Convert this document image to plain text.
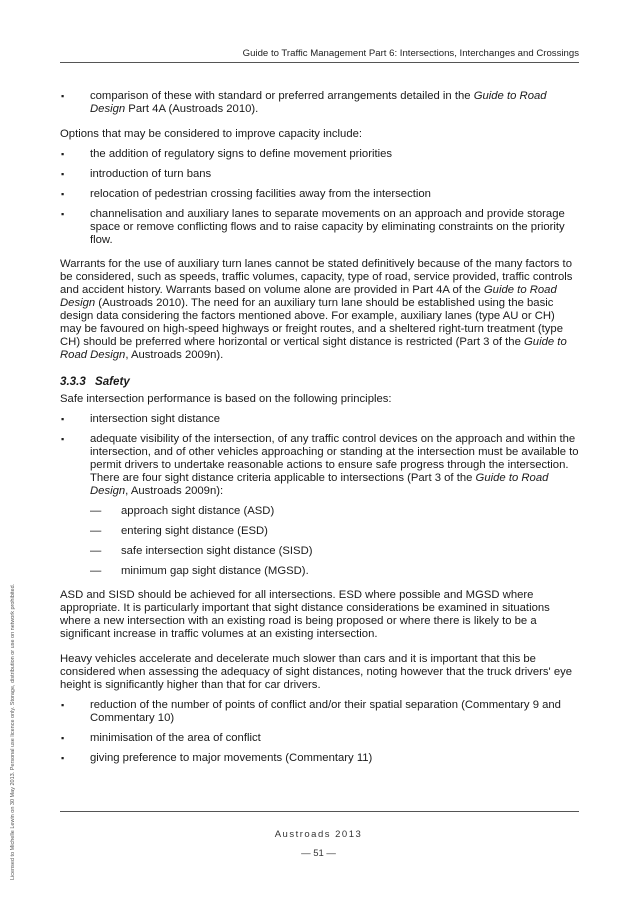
Guide to Traffic Management Part 6: Intersections, Interchanges and Crossings
▪ comparison of these with standard or preferred arrangements detailed in the Guide to Road Design Part 4A (Austroads 2010).

Options that may be considered to improve capacity include:

▪ the addition of regulatory signs to define movement priorities
▪ introduction of turn bans
▪ relocation of pedestrian crossing facilities away from the intersection
▪ channelisation and auxiliary lanes to separate movements on an approach and provide storage space or remove conflicting flows and to raise capacity by eliminating constraints on the priority flow.

Warrants for the use of auxiliary turn lanes cannot be stated definitively because of the many factors to be considered, such as speeds, traffic volumes, capacity, type of road, service provided, traffic controls and accident history. Warrants based on volume alone are provided in Part 4A of the Guide to Road Design (Austroads 2010). The need for an auxiliary turn lane should be established using the basic design data considering the factors mentioned above. For example, auxiliary lanes (type AU or CH) may be favoured on high-speed highways or freight routes, and a sheltered right-turn treatment (type CH) should be preferred where horizontal or vertical sight distance is restricted (Part 3 of the Guide to Road Design, Austroads 2009n).

3.3.3 Safety

Safe intersection performance is based on the following principles:

▪ intersection sight distance
▪ adequate visibility of the intersection, of any traffic control devices on the approach and within the intersection, and of other vehicles approaching or standing at the intersection must be available to permit drivers to undertake reasonable actions to ensure safe progress through the intersection. There are four sight distance criteria applicable to intersections (Part 3 of the Guide to Road Design, Austroads 2009n):
— approach sight distance (ASD)
— entering sight distance (ESD)
— safe intersection sight distance (SISD)
— minimum gap sight distance (MGSD).

ASD and SISD should be achieved for all intersections. ESD where possible and MGSD where appropriate. It is particularly important that sight distance considerations be examined in situations where a new intersection with an existing road is being proposed or where there is likely to be a significant increase in traffic volumes at an existing intersection.

Heavy vehicles accelerate and decelerate much slower than cars and it is important that this be considered when assessing the adequacy of sight distances, noting however that the truck drivers' eye height is significantly higher than that for car drivers.

▪ reduction of the number of points of conflict and/or their spatial separation (Commentary 9 and Commentary 10)
▪ minimisation of the area of conflict
▪ giving preference to major movements (Commentary 11)
Austroads 2013
— 51 —
Licensed to Michelle Lewin on 30 May 2013. Personal use licence only. Storage, distribution or use on network prohibited.
